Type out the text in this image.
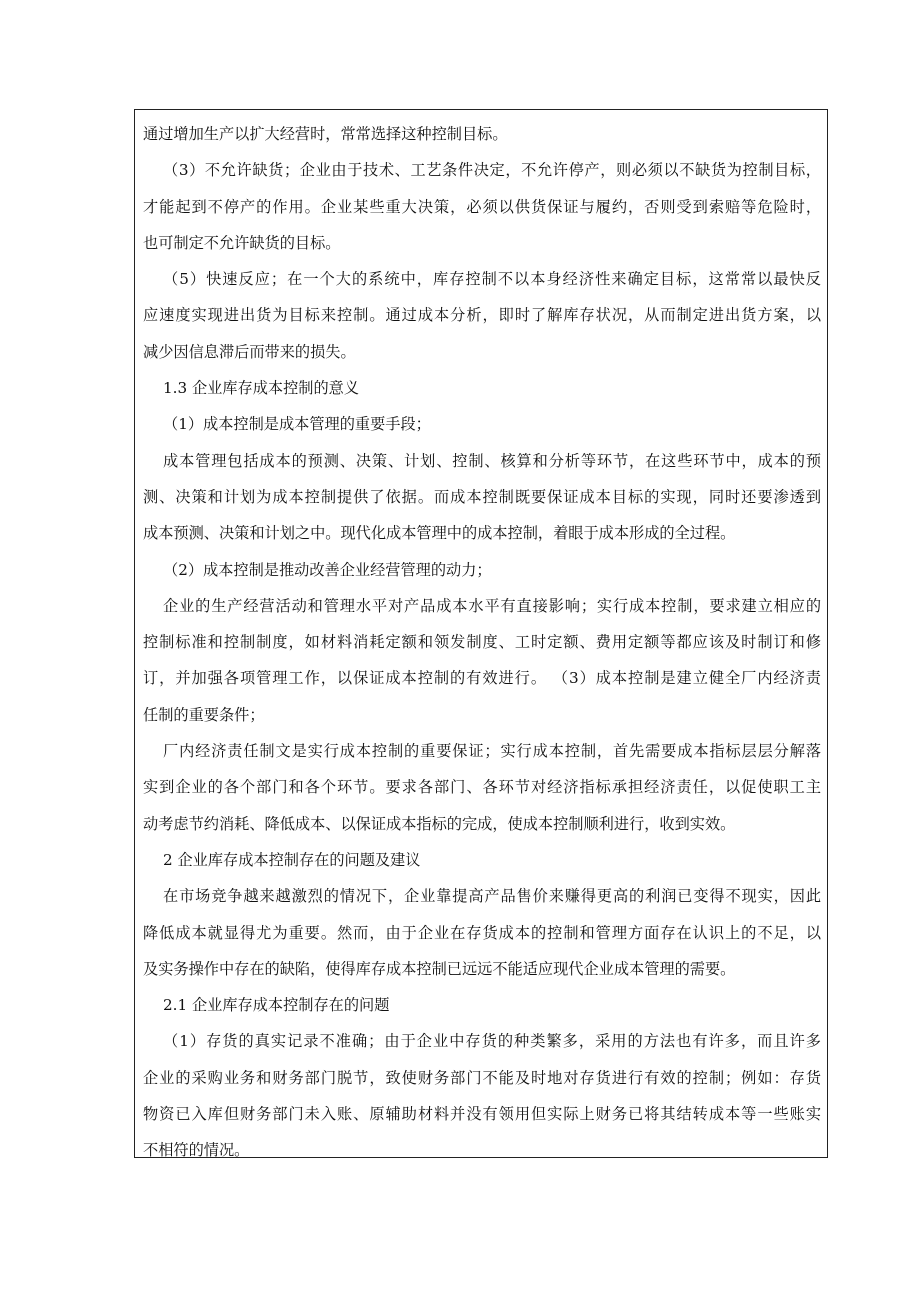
通过增加生产以扩大经营时，常常选择这种控制目标。
（3）不允许缺货；企业由于技术、工艺条件决定，不允许停产，则必须以不缺货为控制目标，
才能起到不停产的作用。企业某些重大决策，必须以供货保证与履约，否则受到索赔等危险时，
也可制定不允许缺货的目标。
（5）快速反应；在一个大的系统中，库存控制不以本身经济性来确定目标，这常常以最快反
应速度实现进出货为目标来控制。通过成本分析，即时了解库存状况，从而制定进出货方案，以
减少因信息滞后而带来的损失。
1.3 企业库存成本控制的意义
（1）成本控制是成本管理的重要手段；
成本管理包括成本的预测、决策、计划、控制、核算和分析等环节，在这些环节中，成本的预
测、决策和计划为成本控制提供了依据。而成本控制既要保证成本目标的实现，同时还要渗透到
成本预测、决策和计划之中。现代化成本管理中的成本控制，着眼于成本形成的全过程。
（2）成本控制是推动改善企业经营管理的动力；
企业的生产经营活动和管理水平对产品成本水平有直接影响；实行成本控制，要求建立相应的
控制标准和控制制度，如材料消耗定额和领发制度、工时定额、费用定额等都应该及时制订和修
订，并加强各项管理工作，以保证成本控制的有效进行。 （3）成本控制是建立健全厂内经济责
任制的重要条件；
厂内经济责任制文是实行成本控制的重要保证；实行成本控制，首先需要成本指标层层分解落
实到企业的各个部门和各个环节。要求各部门、各环节对经济指标承担经济责任，以促使职工主
动考虑节约消耗、降低成本、以保证成本指标的完成，使成本控制顺利进行，收到实效。
2 企业库存成本控制存在的问题及建议
在市场竞争越来越激烈的情况下，企业靠提高产品售价来赚得更高的利润已变得不现实，因此
降低成本就显得尤为重要。然而，由于企业在存货成本的控制和管理方面存在认识上的不足，以
及实务操作中存在的缺陷，使得库存成本控制已远远不能适应现代企业成本管理的需要。
2.1 企业库存成本控制存在的问题
（1）存货的真实记录不准确；由于企业中存货的种类繁多，采用的方法也有许多，而且许多
企业的采购业务和财务部门脱节，致使财务部门不能及时地对存货进行有效的控制；例如：存货
物资已入库但财务部门未入账、原辅助材料并没有领用但实际上财务已将其结转成本等一些账实
不相符的情况。
